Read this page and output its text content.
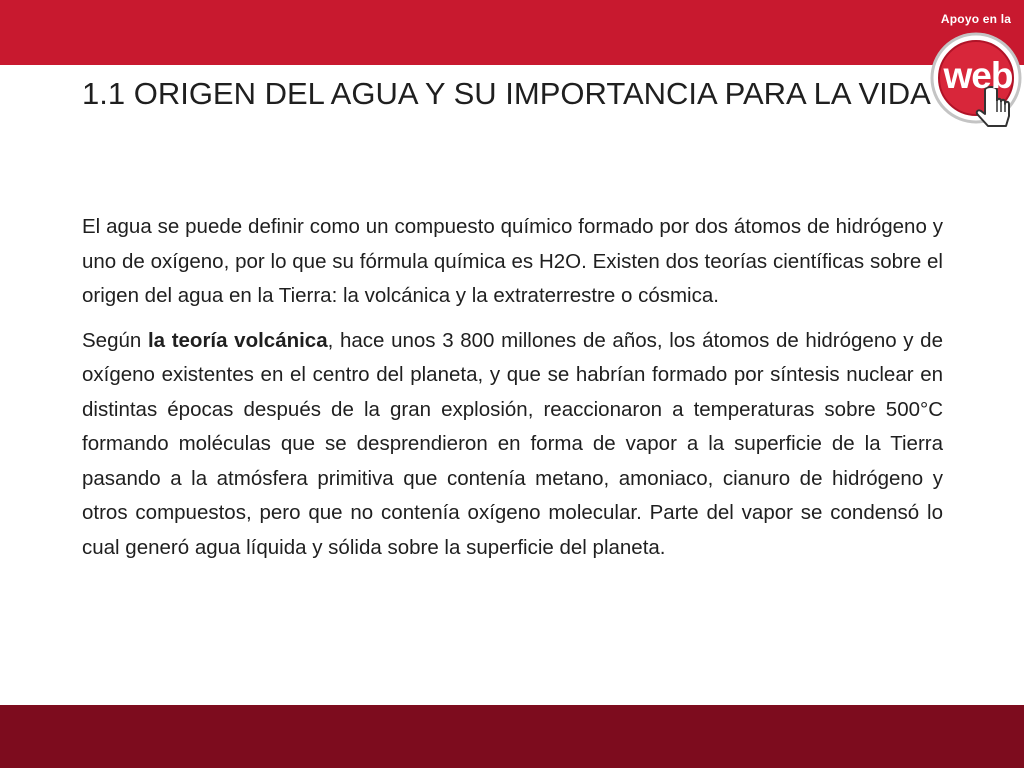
Apoyo en la
web
1.1 ORIGEN DEL AGUA Y SU IMPORTANCIA PARA LA VIDA

El agua se puede definir como un compuesto químico formado por dos átomos de hidrógeno y uno de oxígeno, por lo que su fórmula química es H2O. Existen dos teorías científicas sobre el origen del agua en la Tierra: la volcánica y la extraterrestre o cósmica.

Según la teoría volcánica, hace unos 3 800 millones de años, los átomos de hidrógeno y de oxígeno existentes en el centro del planeta, y que se habrían formado por síntesis nuclear en distintas épocas después de la gran explosión, reaccionaron a temperaturas sobre 500°C formando moléculas que se desprendieron en forma de vapor a la superficie de la Tierra pasando a la atmósfera primitiva que contenía metano, amoniaco, cianuro de hidrógeno y otros compuestos, pero que no contenía oxígeno molecular. Parte del vapor se condensó lo cual generó agua líquida y sólida sobre la superficie del planeta.
